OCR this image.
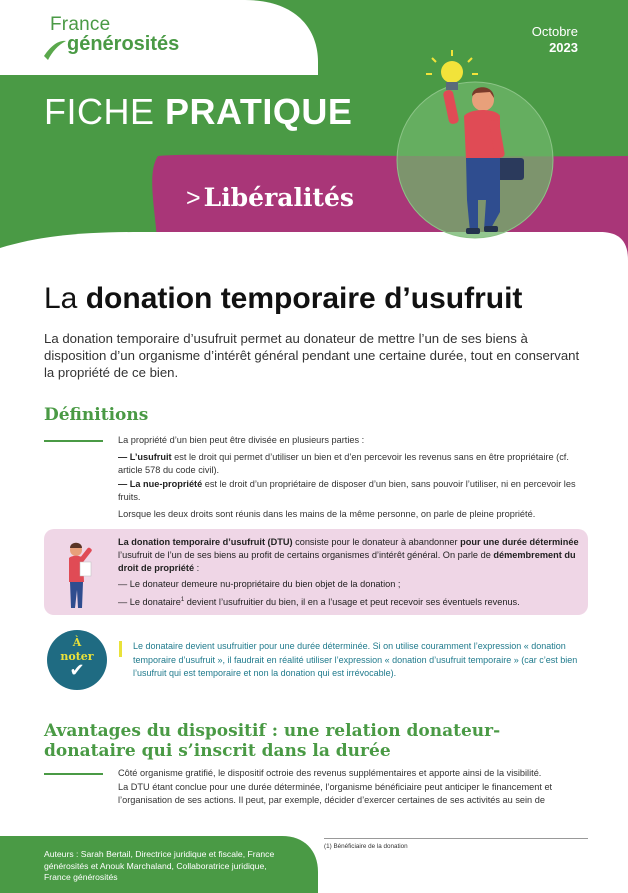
France
générosités
Octobre
2023
FICHE PRATIQUE
> Libéralités
La donation temporaire d’usufruit
La donation temporaire d’usufruit permet au donateur de mettre l’un de ses biens à disposition d’un organisme d’intérêt général pendant une certaine durée, tout en conservant la propriété de ce bien.
Définitions
La propriété d’un bien peut être divisée en plusieurs parties :
— L’usufruit est le droit qui permet d’utiliser un bien et d’en percevoir les revenus sans en être propriétaire (cf. article 578 du code civil).
— La nue-propriété est le droit d’un propriétaire de disposer d’un bien, sans pouvoir l’utiliser, ni en percevoir les fruits.
Lorsque les deux droits sont réunis dans les mains de la même personne, on parle de pleine propriété.
La donation temporaire d’usufruit (DTU) consiste pour le donateur à abandonner pour une durée déterminée l’usufruit de l’un de ses biens au profit de certains organismes d’intérêt général. On parle de démembrement du droit de propriété :
— Le donateur demeure nu-propriétaire du bien objet de la donation ;
— Le donataire$^1$ devient l’usufruitier du bien, il en a l’usage et peut recevoir ses éventuels revenus.
À
noter
✔
Le donataire devient usufruitier pour une durée déterminée. Si on utilise couramment l’expression « donation temporaire d’usufruit », il faudrait en réalité utiliser l’expression « donation d’usufruit temporaire » (car c’est bien l’usufruit qui est temporaire et non la donation qui est irrévocable).
Avantages du dispositif : une relation donateur-donataire qui s’inscrit dans la durée
Côté organisme gratifié, le dispositif octroie des revenus supplémentaires et apporte ainsi de la visibilité.
La DTU étant conclue pour une durée déterminée, l’organisme bénéficiaire peut anticiper le financement et l’organisation de ses actions. Il peut, par exemple, décider d’exercer certaines de ses activités au sein de
Auteurs : Sarah Bertail, Directrice juridique et fiscale, France générosités et Anouk Marchaland, Collaboratrice juridique, France générosités
(1) Bénéficiaire de la donation
